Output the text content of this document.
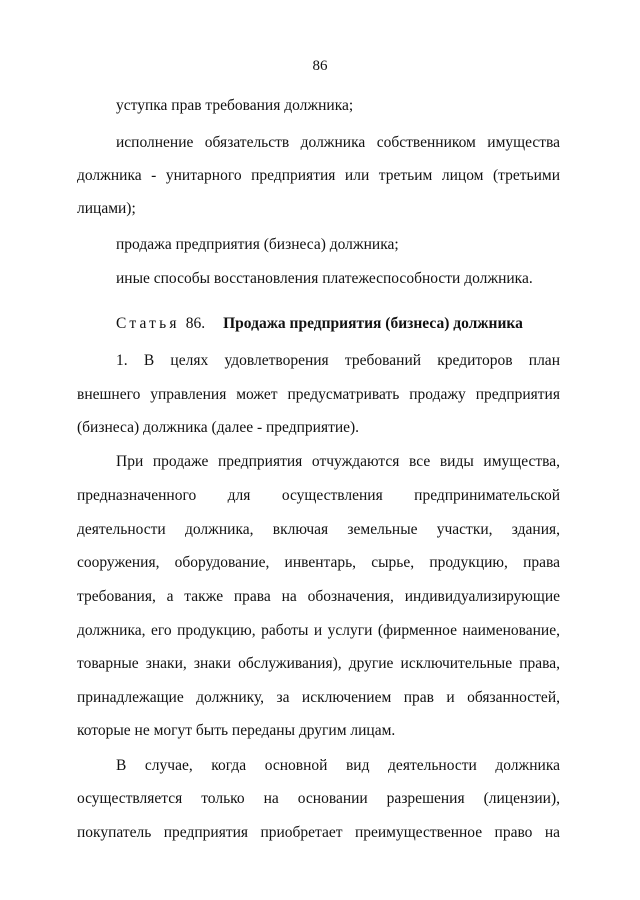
86
уступка прав требования должника;
исполнение обязательств должника собственником имущества
должника - унитарного предприятия или третьим лицом (третьими
лицами);
продажа предприятия (бизнеса) должника;
иные способы восстановления платежеспособности должника.
Статья 86. Продажа предприятия (бизнеса) должника
1. В целях удовлетворения требований кредиторов план
внешнего управления может предусматривать продажу предприятия
(бизнеса) должника (далее - предприятие).
При продаже предприятия отчуждаются все виды имущества,
предназначенного для осуществления предпринимательской
деятельности должника, включая земельные участки, здания,
сооружения, оборудование, инвентарь, сырье, продукцию, права
требования, а также права на обозначения, индивидуализирующие
должника, его продукцию, работы и услуги (фирменное наименование,
товарные знаки, знаки обслуживания), другие исключительные права,
принадлежащие должнику, за исключением прав и обязанностей,
которые не могут быть переданы другим лицам.
В случае, когда основной вид деятельности должника
осуществляется только на основании разрешения (лицензии),
покупатель предприятия приобретает преимущественное право на
